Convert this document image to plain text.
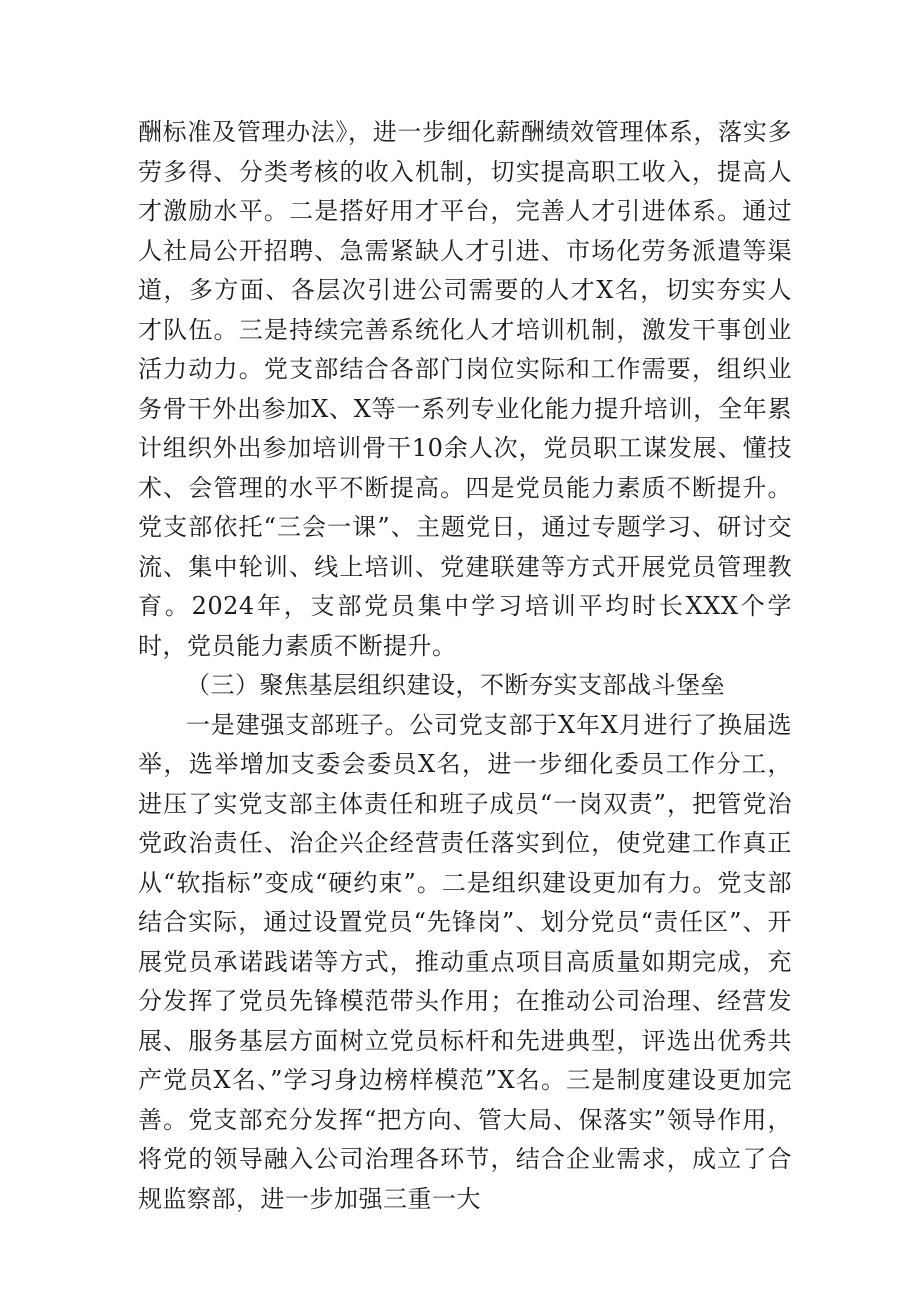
酬标准及管理办法》，进一步细化薪酬绩效管理体系，落实多劳多得、分类考核的收入机制，切实提高职工收入，提高人才激励水平。二是搭好用才平台，完善人才引进体系。通过人社局公开招聘、急需紧缺人才引进、市场化劳务派遣等渠道，多方面、各层次引进公司需要的人才X名，切实夯实人才队伍。三是持续完善系统化人才培训机制，激发干事创业活力动力。党支部结合各部门岗位实际和工作需要，组织业务骨干外出参加X、X等一系列专业化能力提升培训，全年累计组织外出参加培训骨干10余人次，党员职工谋发展、懂技术、会管理的水平不断提高。四是党员能力素质不断提升。党支部依托“三会一课”、主题党日，通过专题学习、研讨交流、集中轮训、线上培训、党建联建等方式开展党员管理教育。2024年，支部党员集中学习培训平均时长XXX个学时，党员能力素质不断提升。

（三）聚焦基层组织建设，不断夯实支部战斗堡垒

一是建强支部班子。公司党支部于X年X月进行了换届选举，选举增加支委会委员X名，进一步细化委员工作分工，进压了实党支部主体责任和班子成员“一岗双责”，把管党治党政治责任、治企兴企经营责任落实到位，使党建工作真正从“软指标”变成“硬约束”。二是组织建设更加有力。党支部结合实际，通过设置党员“先锋岗”、划分党员“责任区”、开展党员承诺践诺等方式，推动重点项目高质量如期完成，充分发挥了党员先锋模范带头作用；在推动公司治理、经营发展、服务基层方面树立党员标杆和先进典型，评选出优秀共产党员X名、”学习身边榜样模范”X名。三是制度建设更加完善。党支部充分发挥“把方向、管大局、保落实”领导作用，将党的领导融入公司治理各环节，结合企业需求，成立了合规监察部，进一步加强三重一大
